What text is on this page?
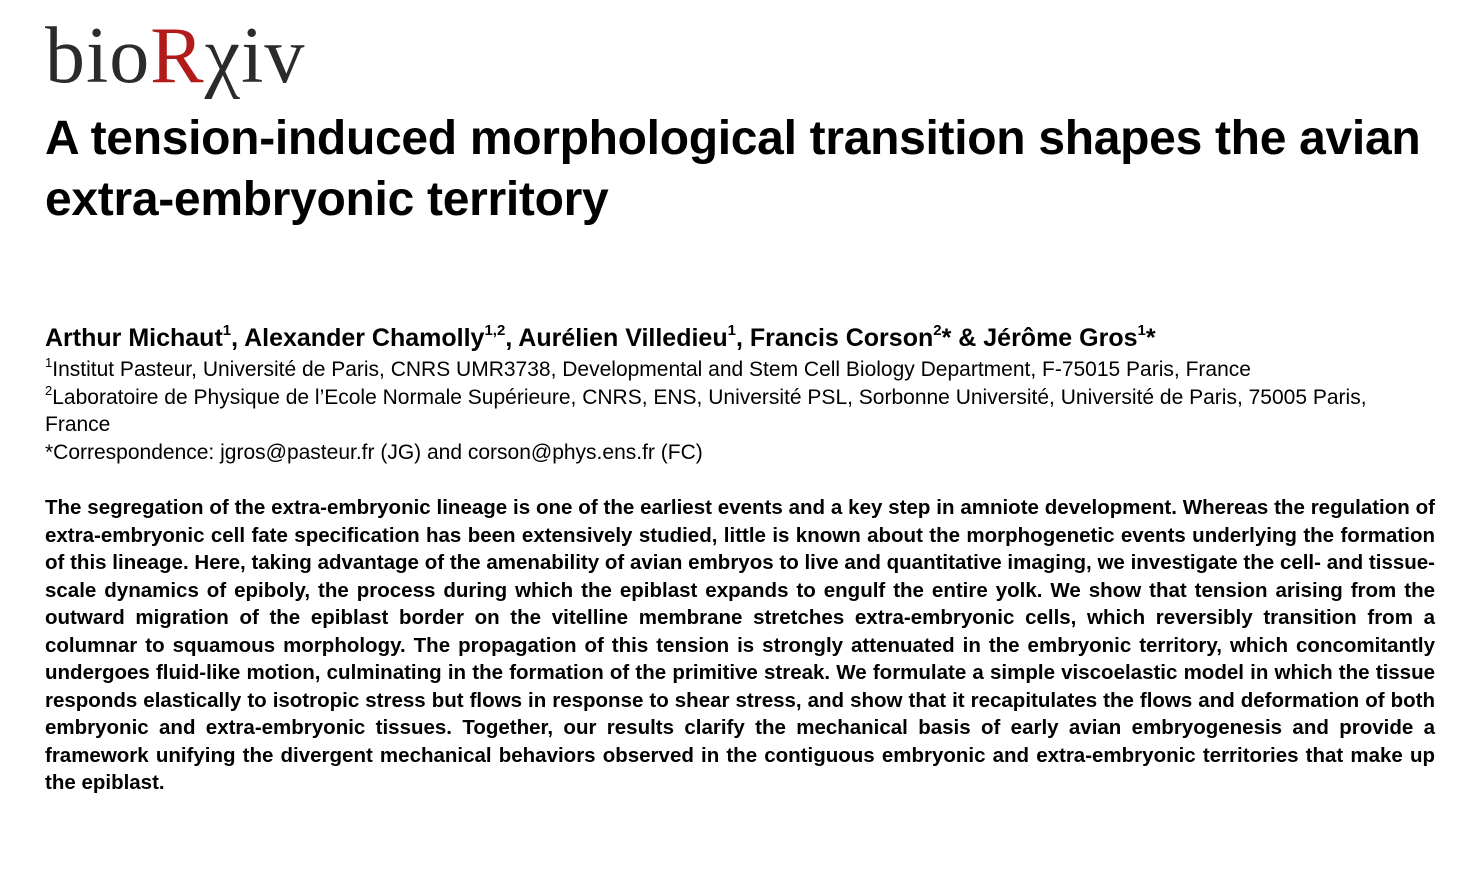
bioRχiv
A tension-induced morphological transition shapes the avian extra-embryonic territory
Arthur Michaut$^1$, Alexander Chamolly$^{1,2}$, Aurélien Villedieu$^1$, Francis Corson$^2$* & Jérôme Gros$^1$*
$^1$Institut Pasteur, Université de Paris, CNRS UMR3738, Developmental and Stem Cell Biology Department, F-75015 Paris, France
$^2$Laboratoire de Physique de l’Ecole Normale Supérieure, CNRS, ENS, Université PSL, Sorbonne Université, Université de Paris, 75005 Paris, France
*Correspondence: jgros@pasteur.fr (JG) and corson@phys.ens.fr (FC)

The segregation of the extra-embryonic lineage is one of the earliest events and a key step in amniote development. Whereas the regulation of extra-embryonic cell fate specification has been extensively studied, little is known about the morphogenetic events underlying the formation of this lineage. Here, taking advantage of the amenability of avian embryos to live and quantitative imaging, we investigate the cell- and tissue-scale dynamics of epiboly, the process during which the epiblast expands to engulf the entire yolk. We show that tension arising from the outward migration of the epiblast border on the vitelline membrane stretches extra-embryonic cells, which reversibly transition from a columnar to squamous morphology. The propagation of this tension is strongly attenuated in the embryonic territory, which concomitantly undergoes fluid-like motion, culminating in the formation of the primitive streak. We formulate a simple viscoelastic model in which the tissue responds elastically to isotropic stress but flows in response to shear stress, and show that it recapitulates the flows and deformation of both embryonic and extra-embryonic tissues. Together, our results clarify the mechanical basis of early avian embryogenesis and provide a framework unifying the divergent mechanical behaviors observed in the contiguous embryonic and extra-embryonic territories that make up the epiblast.
